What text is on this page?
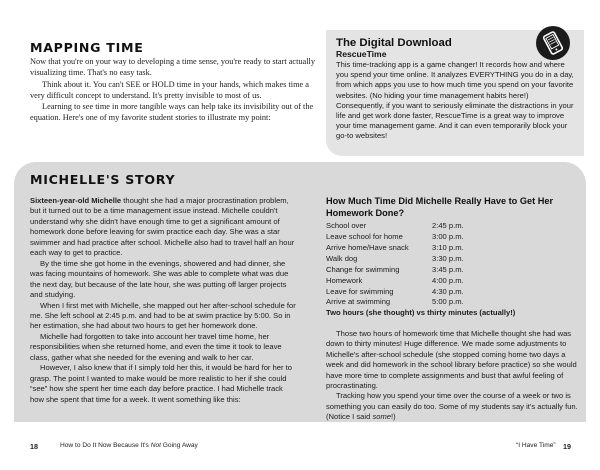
MAPPING TIME

Now that you're on your way to developing a time sense, you're ready to start actually visualizing time. That's no easy task.

Think about it. You can't SEE or HOLD time in your hands, which makes time a very difficult concept to understand. It's pretty invisible to most of us.

Learning to see time in more tangible ways can help take its invisibility out of the equation. Here's one of my favorite student stories to illustrate my point:

The Digital Download
RescueTime

This time-tracking app is a game changer! It records how and where you spend your time online. It analyzes EVERYTHING you do in a day, from which apps you use to how much time you spend on your favorite websites. (No hiding your time management habits here!) Consequently, if you want to seriously eliminate the distractions in your life and get work done faster, RescueTime is a great way to improve your time management game. And it can even temporarily block your go-to websites!

MICHELLE'S STORY

Sixteen-year-old Michelle thought she had a major procrastination problem, but it turned out to be a time management issue instead. Michelle couldn't understand why she didn't have enough time to get a significant amount of homework done before leaving for swim practice each day. She was a star swimmer and had practice after school. Michelle also had to travel half an hour each way to get to practice.

By the time she got home in the evenings, showered and had dinner, she was facing mountains of homework. She was able to complete what was due the next day, but because of the late hour, she was putting off larger projects and studying.

When I first met with Michelle, she mapped out her after-school schedule for me. She left school at 2:45 p.m. and had to be at swim practice by 5:00. So in her estimation, she had about two hours to get her homework done.

Michelle had forgotten to take into account her travel time home, her responsibilities when she returned home, and even the time it took to leave class, gather what she needed for the evening and walk to her car.

However, I also knew that if I simply told her this, it would be hard for her to grasp. The point I wanted to make would be more realistic to her if she could “see” how she spent her time each day before practice. I had Michelle track how she spent that time for a week. It went something like this:

How Much Time Did Michelle Really Have to Get Her Homework Done?
School over	2:45 p.m.
Leave school for home	3:00 p.m.
Arrive home/Have snack	3:10 p.m.
Walk dog	3:30 p.m.
Change for swimming	3:45 p.m.
Homework	4:00 p.m.
Leave for swimming	4:30 p.m.
Arrive at swimming	5:00 p.m.

Two hours (she thought) vs thirty minutes (actually!)

Those two hours of homework time that Michelle thought she had was down to thirty minutes! Huge difference. We made some adjustments to Michelle's after-school schedule (she stopped coming home two days a week and did homework in the school library before practice) so she would have more time to complete assignments and bust that awful feeling of procrastinating.

Tracking how you spend your time over the course of a week or two is something you can easily do too. Some of my students say it's actually fun. (Notice I said some!)

18	How to Do It Now Because It's Not Going Away	“I Have Time” 19
